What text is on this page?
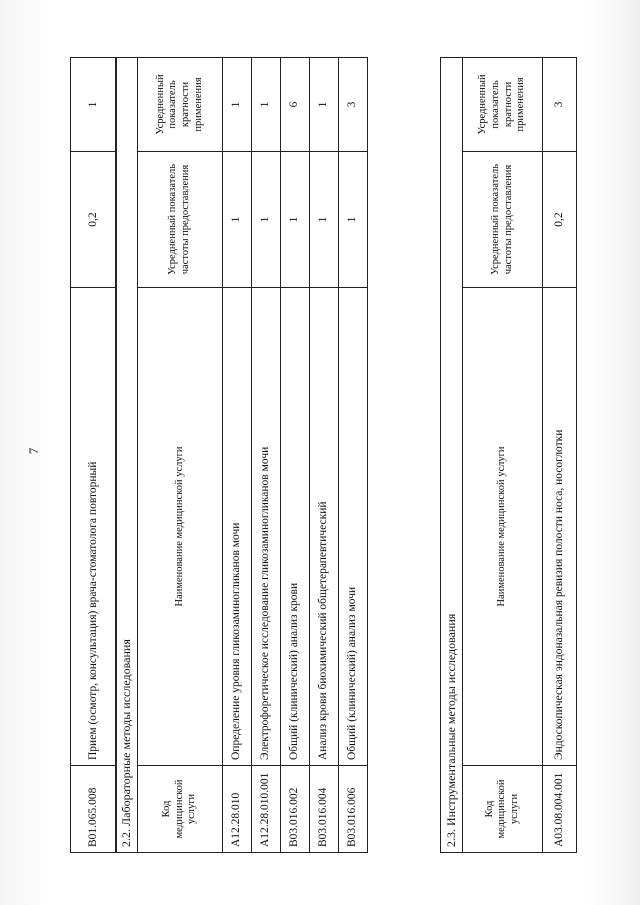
7
B01.065.008	Прием (осмотр, консультация) врача-стоматолога повторный	0,2	1
2.2. Лабораторные методы исследования			
Код медицинской услуги	Наименование медицинской услуги	Усредненный показатель частоты предоставления	Усредненный показатель кратности применения
A12.28.010	Определение уровня гликозаминогликанов мочи	1	1
A12.28.010.001	Электрофоретическое исследование гликозаминогликанов мочи	1	1
B03.016.002	Общий (клинический) анализ крови	1	6
B03.016.004	Анализ крови биохимический общетерапевтический	1	1
B03.016.006	Общий (клинический) анализ мочи	1	3
2.3. Инструментальные методы исследования			
Код медицинской услуги	Наименование медицинской услуги	Усредненный показатель частоты предоставления	Усредненный показатель кратности применения
A03.08.004.001	Эндоскопическая эндоназальная ревизия полости носа, носоглотки	0,2	3
